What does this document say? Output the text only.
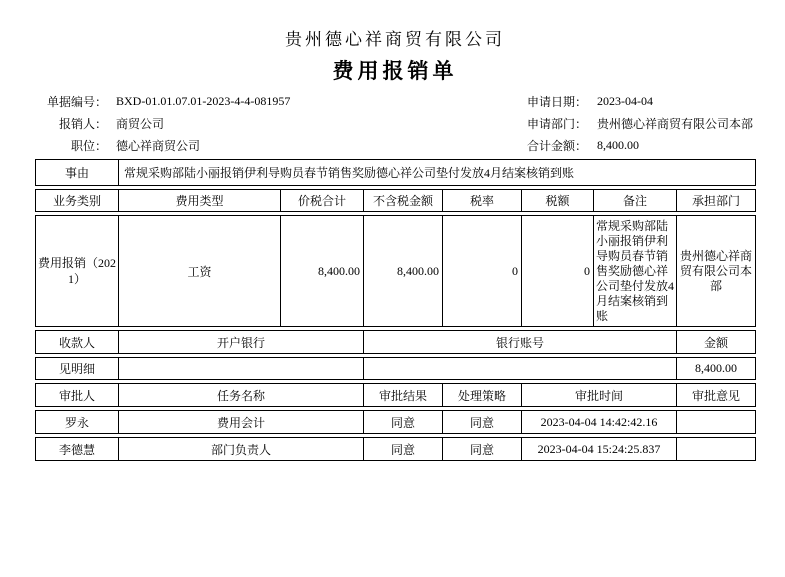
贵州德心祥商贸有限公司
费用报销单
单据编号： BXD-01.01.07.01-2023-4-4-081957	申请日期： 2023-04-04
报销人： 商贸公司	申请部门： 贵州德心祥商贸有限公司本部
职位： 德心祥商贸公司	合计金额： 8,400.00
事由	常规采购部陆小丽报销伊利导购员春节销售奖励德心祥公司垫付发放4月结案核销到账
业务类别	费用类型	价税合计	不含税金额	税率	税额	备注	承担部门
费用报销（2021）	工资	8,400.00	8,400.00	0	0	常规采购部陆小丽报销伊利导购员春节销售奖励德心祥公司垫付发放4月结案核销到账	贵州德心祥商贸有限公司本部
收款人	开户银行	银行账号	金额
见明细			8,400.00
审批人	任务名称	审批结果	处理策略	审批时间	审批意见
罗永	费用会计	同意	同意	2023-04-04 14:42:42.16	
李德慧	部门负责人	同意	同意	2023-04-04 15:24:25.837	
